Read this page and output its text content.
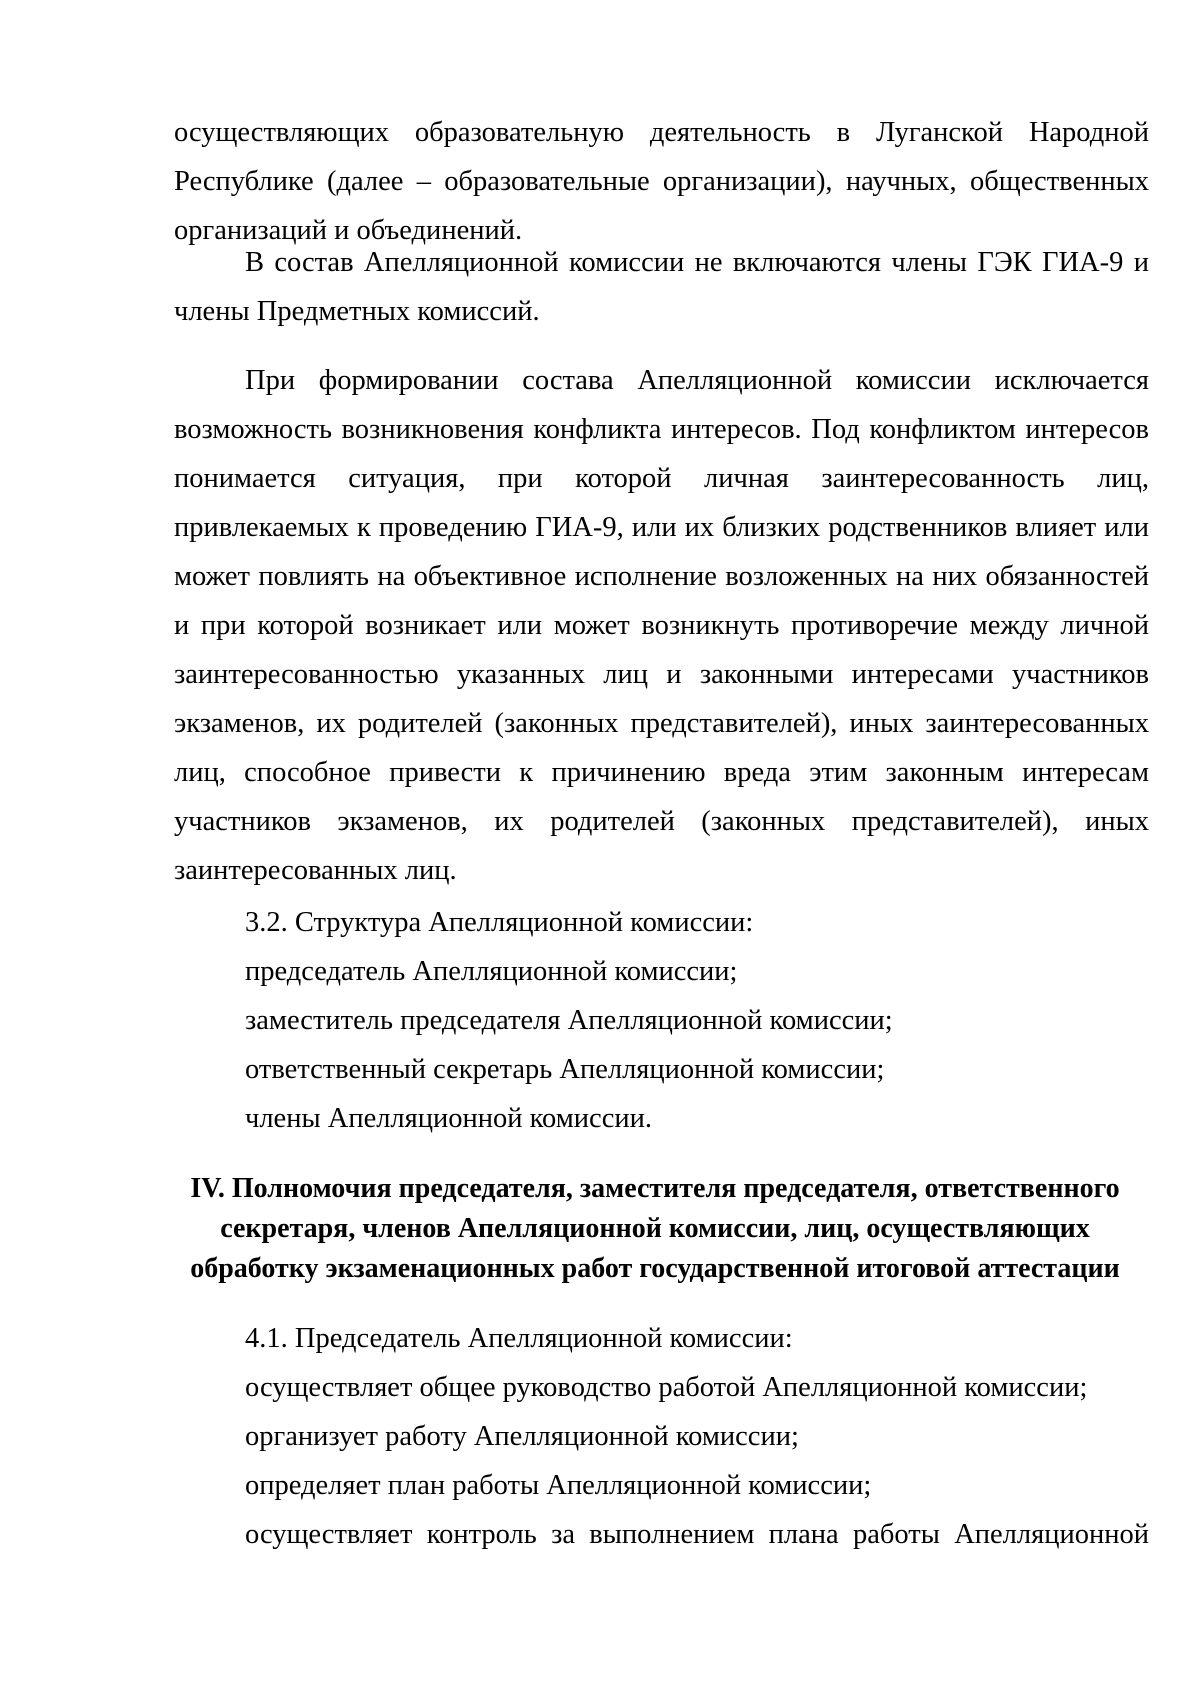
осуществляющих образовательную деятельность в Луганской Народной Республике (далее – образовательные организации), научных, общественных организаций и объединений.

В состав Апелляционной комиссии не включаются члены ГЭК ГИА-9 и члены Предметных комиссий.

При формировании состава Апелляционной комиссии исключается возможность возникновения конфликта интересов. Под конфликтом интересов понимается ситуация, при которой личная заинтересованность лиц, привлекаемых к проведению ГИА-9, или их близких родственников влияет или может повлиять на объективное исполнение возложенных на них обязанностей и при которой возникает или может возникнуть противоречие между личной заинтересованностью указанных лиц и законными интересами участников экзаменов, их родителей (законных представителей), иных заинтересованных лиц, способное привести к причинению вреда этим законным интересам участников экзаменов, их родителей (законных представителей), иных заинтересованных лиц.

3.2. Структура Апелляционной комиссии:

председатель Апелляционной комиссии;

заместитель председателя Апелляционной комиссии;

ответственный секретарь Апелляционной комиссии;

члены Апелляционной комиссии.

IV. Полномочия председателя, заместителя председателя, ответственного
секретаря, членов Апелляционной комиссии, лиц, осуществляющих
обработку экзаменационных работ государственной итоговой аттестации

4.1. Председатель Апелляционной комиссии:

осуществляет общее руководство работой Апелляционной комиссии;

организует работу Апелляционной комиссии;

определяет план работы Апелляционной комиссии;

осуществляет контроль за выполнением плана работы Апелляционной
